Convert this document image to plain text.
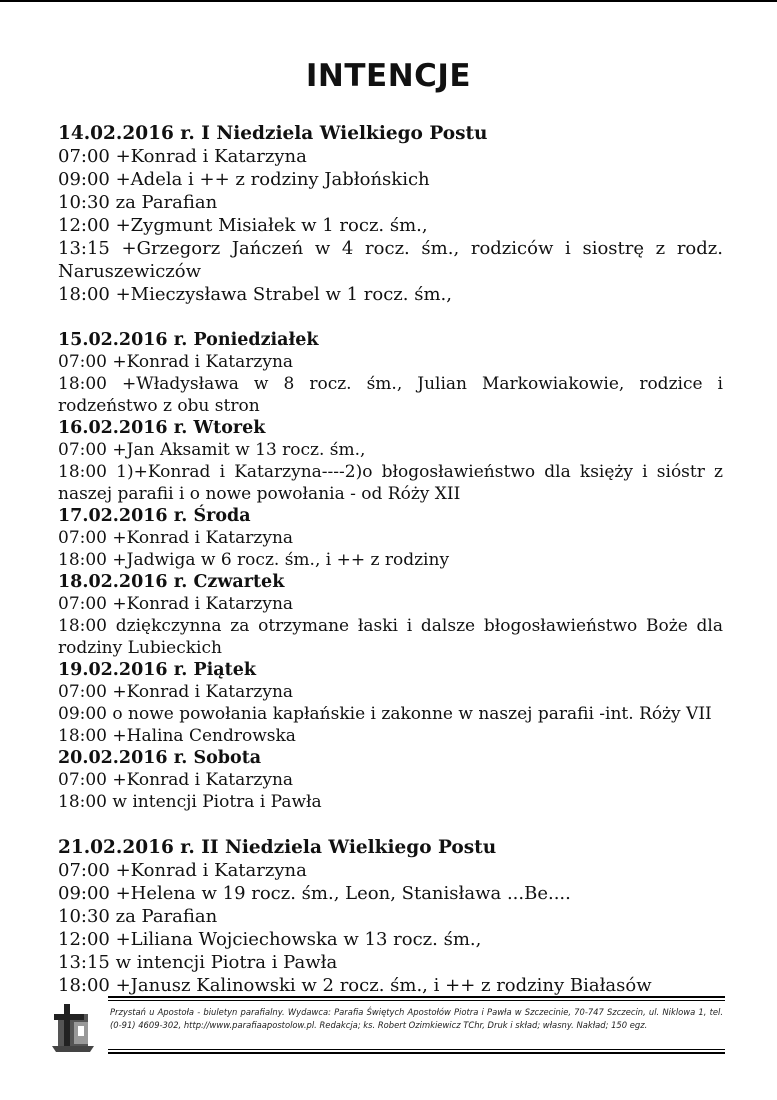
INTENCJE
14.02.2016 r. I Niedziela Wielkiego Postu
07:00 +Konrad i Katarzyna
09:00 +Adela i ++ z rodziny Jabłońskich
10:30 za Parafian
12:00 +Zygmunt Misiałek w 1 rocz. śm.,
13:15 +Grzegorz Jańczeń w 4 rocz. śm., rodziców i siostrę z rodz. Naruszewiczów
18:00 +Mieczysława Strabel w 1 rocz. śm.,
15.02.2016 r. Poniedziałek
07:00 +Konrad i Katarzyna
18:00 +Władysława w 8 rocz. śm., Julian Markowiakowie, rodzice i rodzeństwo z obu stron
16.02.2016 r. Wtorek
07:00 +Jan Aksamit w 13 rocz. śm.,
18:00 1)+Konrad i Katarzyna----2)o błogosławieństwo dla księży i sióstr z naszej parafii i o nowe powołania - od Róży XII
17.02.2016 r. Środa
07:00 +Konrad i Katarzyna
18:00 +Jadwiga w 6 rocz. śm., i ++ z rodziny
18.02.2016 r. Czwartek
07:00 +Konrad i Katarzyna
18:00 dziękczynna za otrzymane łaski i dalsze błogosławieństwo Boże dla rodziny Lubieckich
19.02.2016 r. Piątek
07:00 +Konrad i Katarzyna
09:00 o nowe powołania kapłańskie i zakonne w naszej parafii -int. Róży VII
18:00 +Halina Cendrowska
20.02.2016 r. Sobota
07:00 +Konrad i Katarzyna
18:00 w intencji Piotra i Pawła
21.02.2016 r. II Niedziela Wielkiego Postu
07:00 +Konrad i Katarzyna
09:00 +Helena w 19 rocz. śm., Leon, Stanisława ...Be....
10:30 za Parafian
12:00 +Liliana Wojciechowska w 13 rocz. śm.,
13:15 w intencji Piotra i Pawła
18:00 +Janusz Kalinowski w 2 rocz. śm., i ++ z rodziny Białasów
Przystań u Apostoła - biuletyn parafialny. Wydawca: Parafia Świętych Apostołów Piotra i Pawła w Szczecinie, 70-747 Szczecin, ul. Niklowa 1, tel. (0-91) 4609-302, http://www.parafiaapostolow.pl. Redakcja; ks. Robert Ozimkiewicz TChr, Druk i skład; własny. Nakład; 150 egz.
